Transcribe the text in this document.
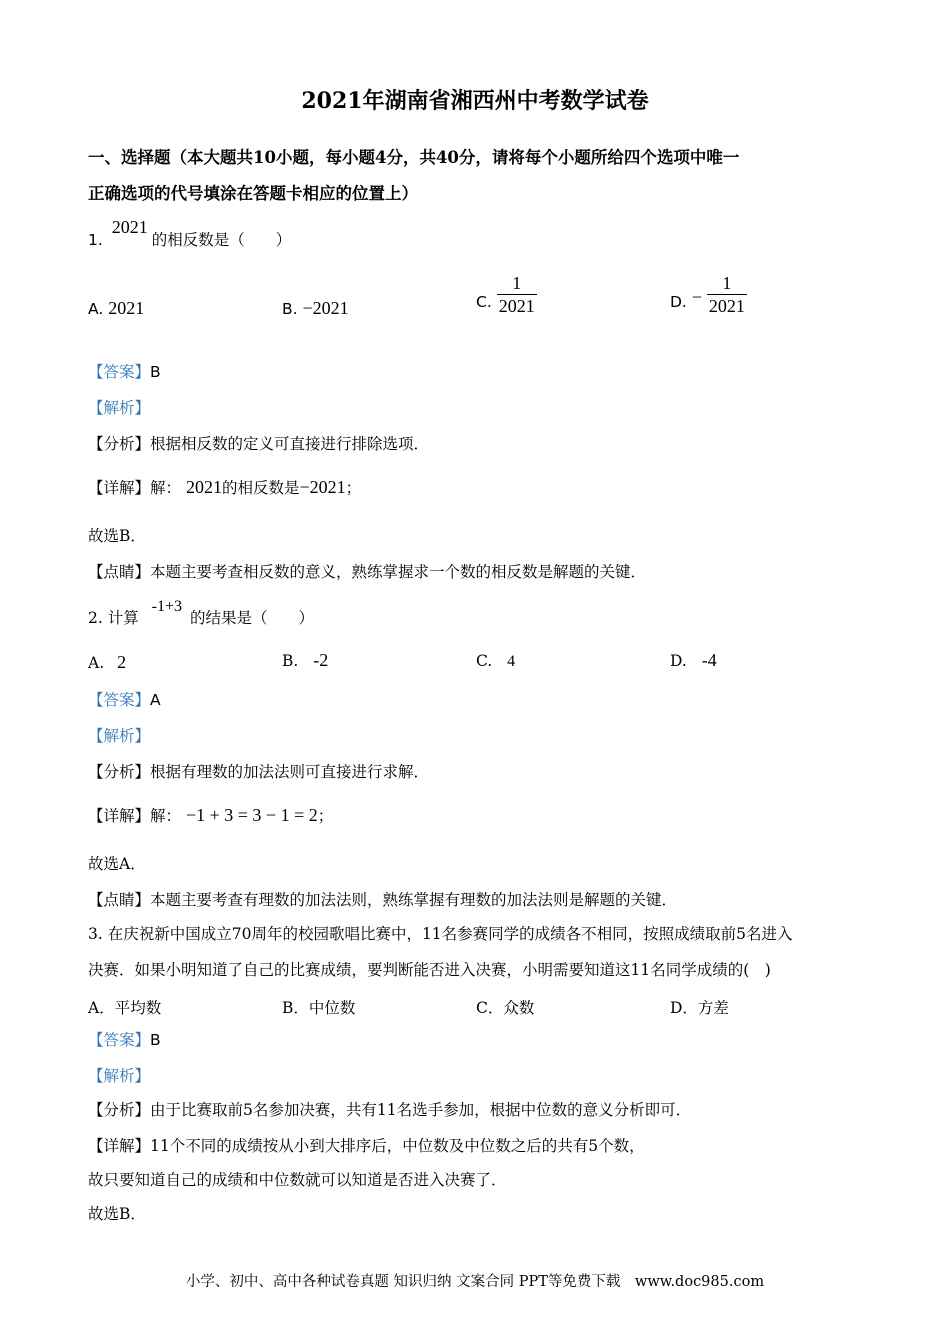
2021年湖南省湘西州中考数学试卷
一、选择题（本大题共10小题，每小题4分，共40分，请将每个小题所给四个选项中唯一
正确选项的代号填涂在答题卡相应的位置上）
1. 2021的相反数是（　　）
A. 2021	B. −2021	C. $\frac{1}{2021}$	D. − $\frac{1}{2021}$
【答案】B
【解析】
【分析】根据相反数的定义可直接进行排除选项．
【详解】解： 2021的相反数是−2021；
故选B．
【点睛】本题主要考查相反数的意义，熟练掌握求一个数的相反数是解题的关键．
2. 计算 -1+3的结果是（　　）
A. 2	B. -2	C. 4	D. -4
【答案】A
【解析】
【分析】根据有理数的加法法则可直接进行求解．
【详解】解： −1 + 3 = 3 − 1 = 2；
故选A．
【点睛】本题主要考查有理数的加法法则，熟练掌握有理数的加法法则是解题的关键．
3. 在庆祝新中国成立70周年的校园歌唱比赛中，11名参赛同学的成绩各不相同，按照成绩取前5名进入
决赛．如果小明知道了自己的比赛成绩，要判断能否进入决赛，小明需要知道这11名同学成绩的(　)
A．平均数	B．中位数	C．众数	D．方差
【答案】B
【解析】
【分析】由于比赛取前5名参加决赛，共有11名选手参加，根据中位数的意义分析即可．
【详解】11个不同的成绩按从小到大排序后，中位数及中位数之后的共有5个数，
故只要知道自己的成绩和中位数就可以知道是否进入决赛了．
故选B．
小学、初中、高中各种试卷真题 知识归纳 文案合同 PPT等免费下载　www.doc985.com
